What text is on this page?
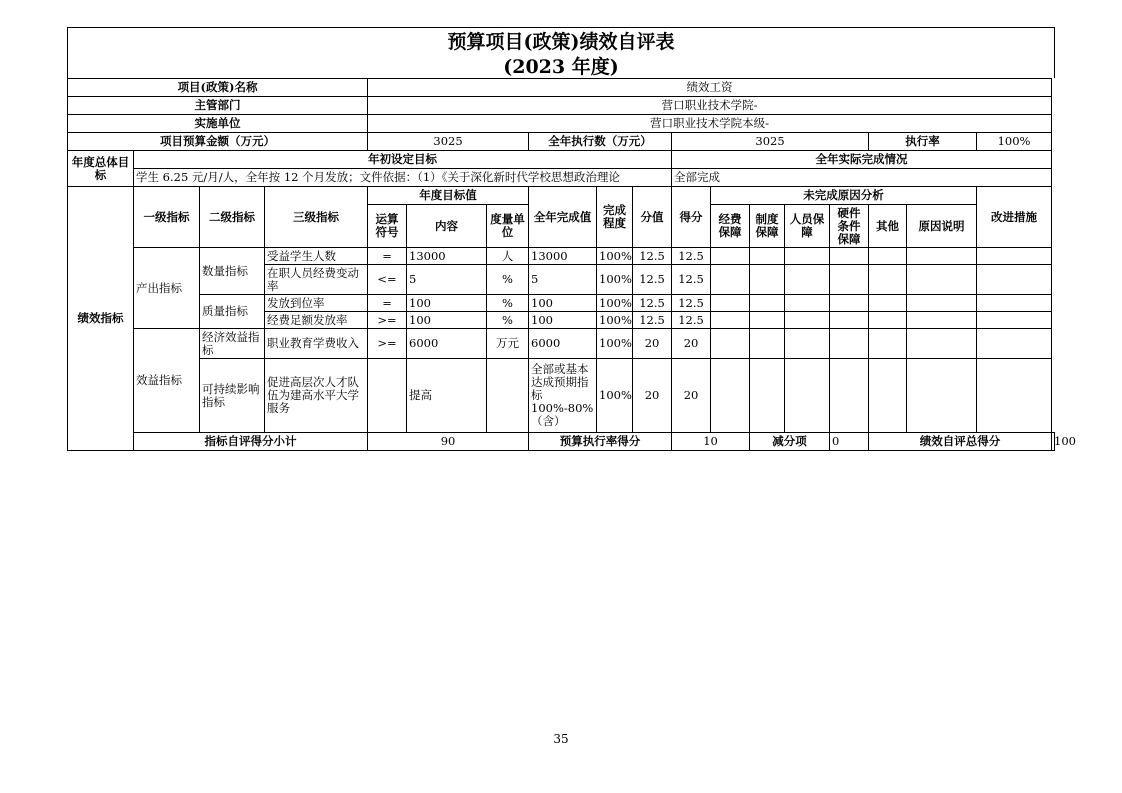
预算项目(政策)绩效自评表
(2023 年度)
项目(政策)名称				绩效工资														
主管部门				营口职业技术学院-														
实施单位				营口职业技术学院本级-														
项目预算金额（万元）				3025			全年执行数（万元）			3025					执行率		100%	
年度总体目标	年初设定目标									全年实际完成情况								
	学生 6.25 元/月/人，全年按 12 个月发放；文件依据：（1）《关于深化新时代学校思想政治理论									全部完成								
绩效指标	一级指标	二级指标	三级指标	年度目标值			全年完成值	完成程度	分值	得分	未完成原因分析						改进措施	
				运算符号	内容	度量单位					经费保障	制度保障	人员保障	硬件条件保障	其他	原因说明		
	产出指标	数量指标	受益学生人数	=	13000	人	13000	100%	12.5	12.5								
			在职人员经费变动率	<=	5	%	5	100%	12.5	12.5								
		质量指标	发放到位率	=	100	%	100	100%	12.5	12.5								
			经费足额发放率	>=	100	%	100	100%	12.5	12.5								
	效益指标	经济效益指标	职业教育学费收入	>=	6000	万元	6000	100%	20	20								
		可持续影响指标	促进高层次人才队伍为建高水平大学服务		提高		全部或基本达成预期指标100%-80%（含）	100%	20	20								
	指标自评得分小计			90			预算执行率得分			10		减分项		0	绩效自评总得分			100
35
